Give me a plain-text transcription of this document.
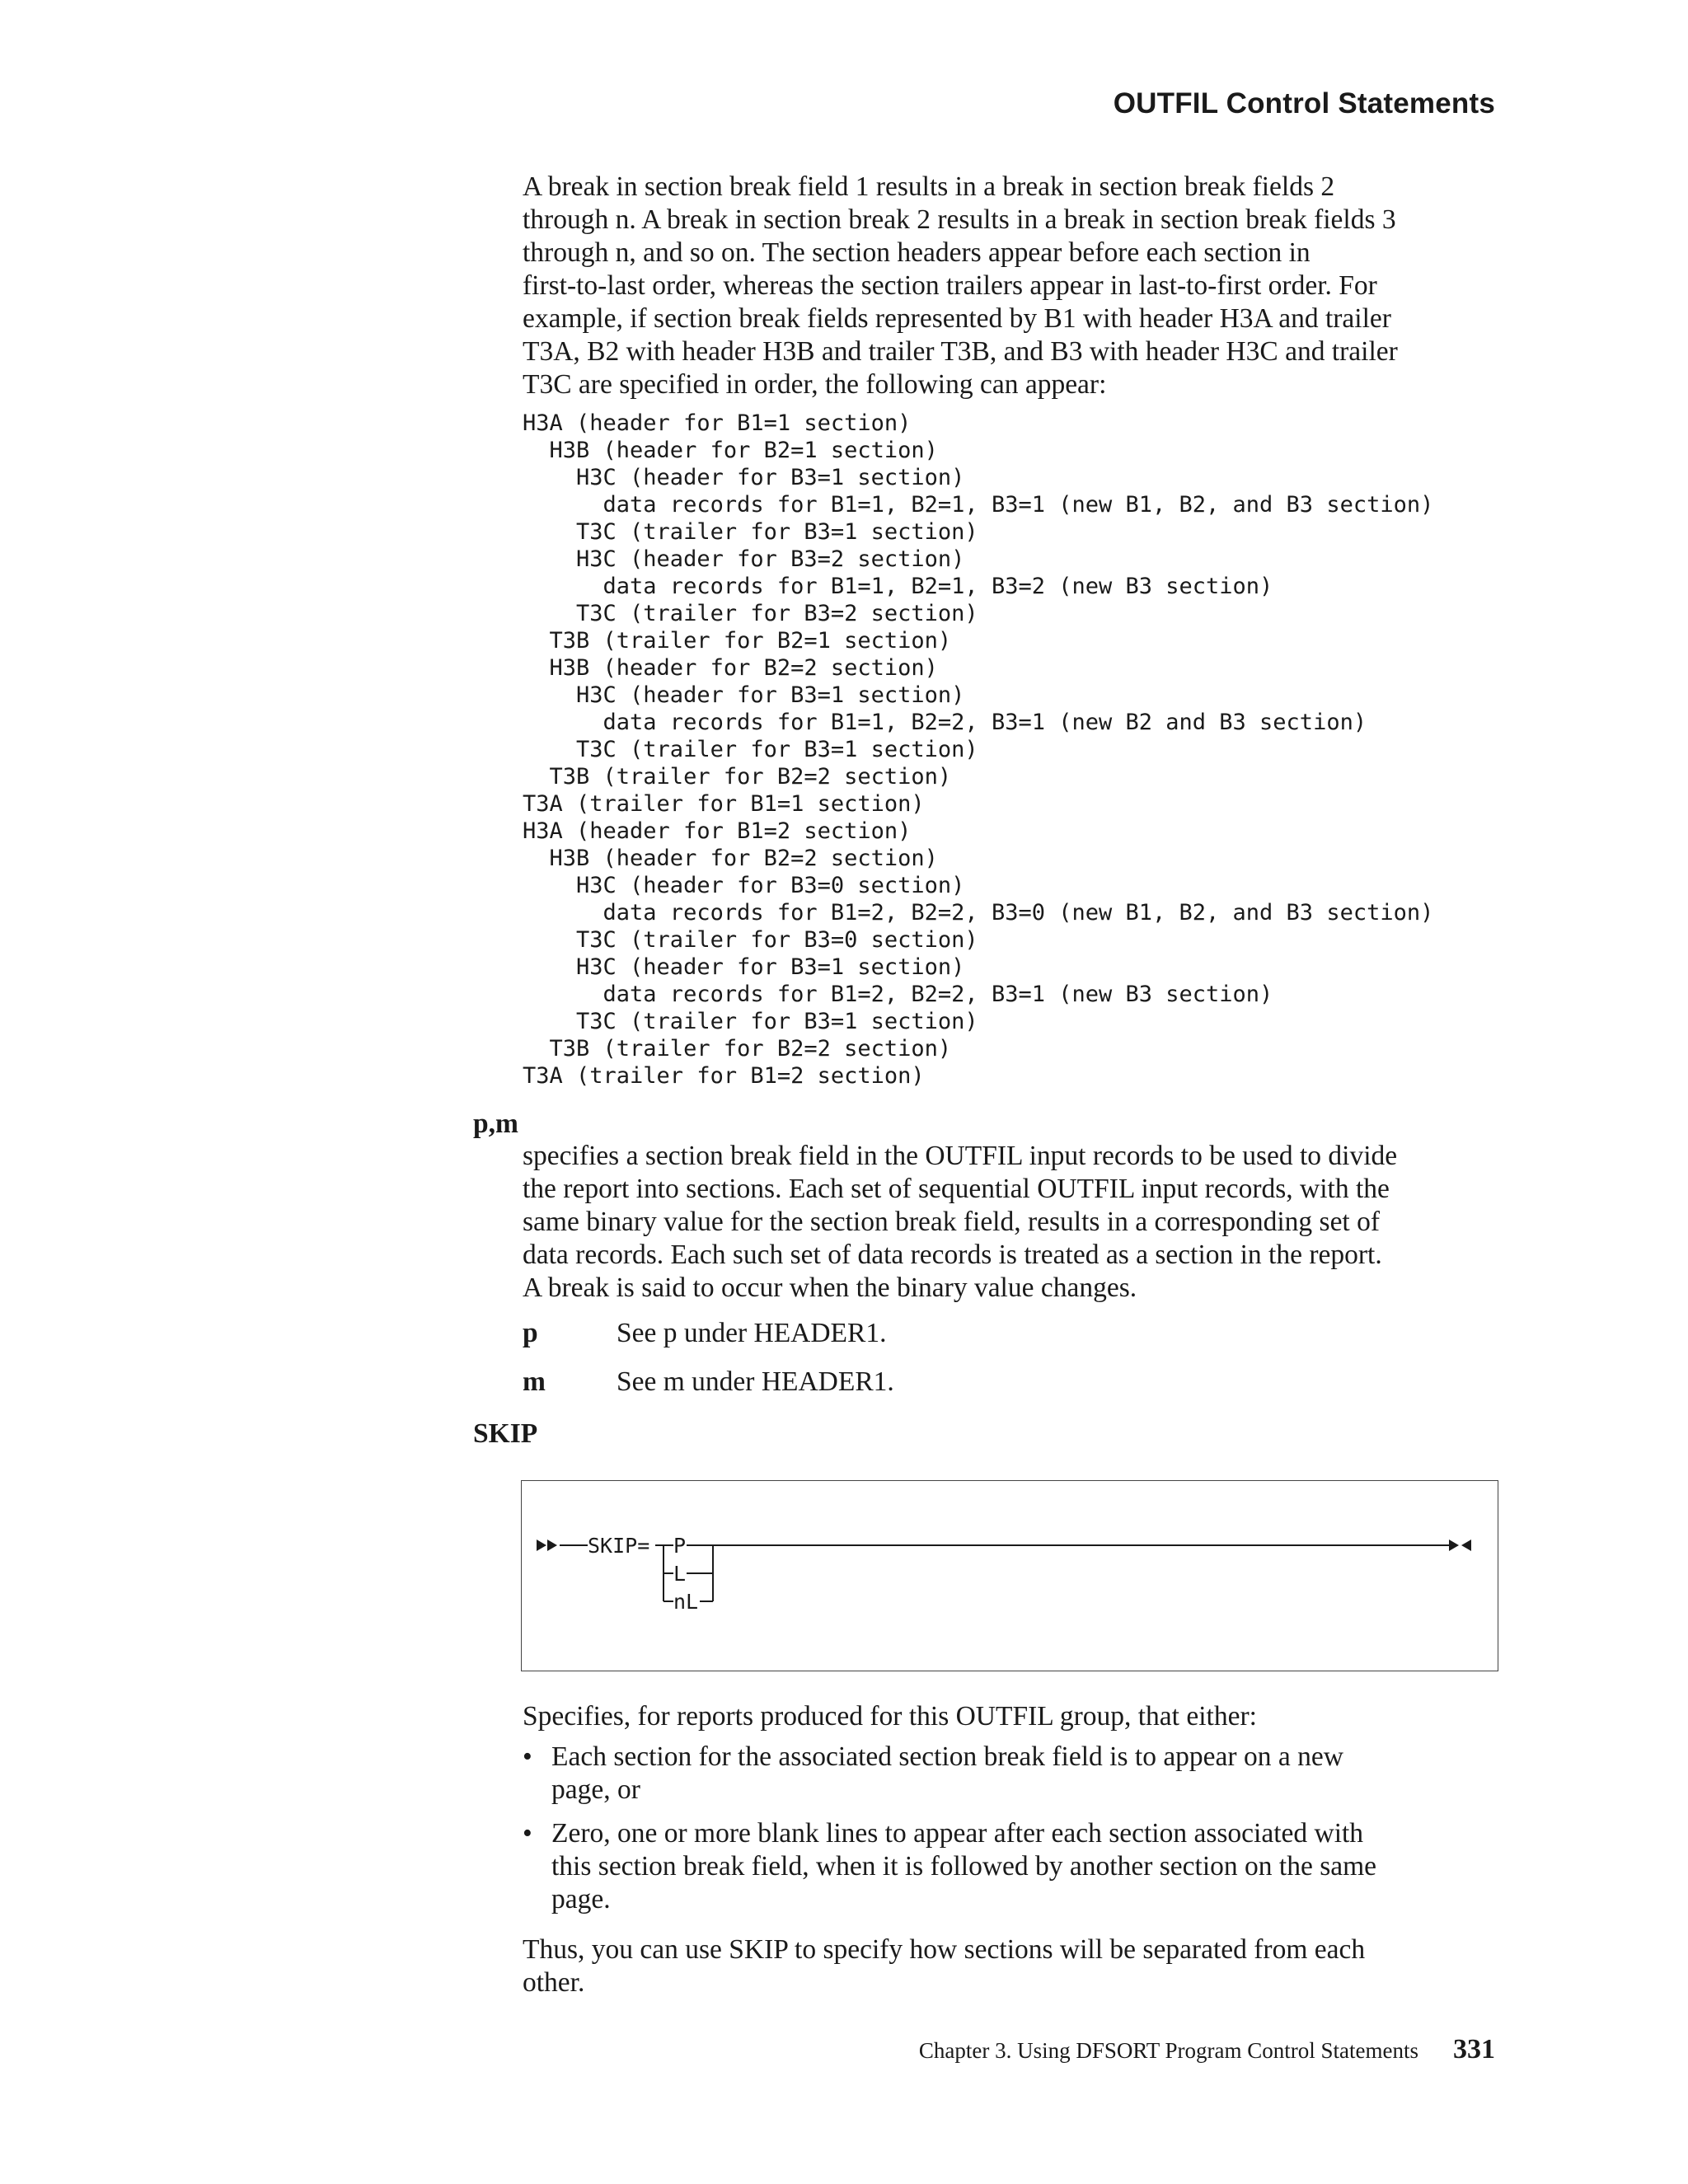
OUTFIL Control Statements

A break in section break field 1 results in a break in section break fields 2

through n. A break in section break 2 results in a break in section break fields 3

through n, and so on. The section headers appear before each section in

first-to-last order, whereas the section trailers appear in last-to-first order. For

example, if section break fields represented by B1 with header H3A and trailer

T3A, B2 with header H3B and trailer T3B, and B3 with header H3C and trailer

T3C are specified in order, the following can appear:

H3A (header for B1=1 section)
H3B (header for B2=1 section)
H3C (header for B3=1 section)
data records for B1=1, B2=1, B3=1 (new B1, B2, and B3 section)
T3C (trailer for B3=1 section)
H3C (header for B3=2 section)
data records for B1=1, B2=1, B3=2 (new B3 section)
T3C (trailer for B3=2 section)
T3B (trailer for B2=1 section)
H3B (header for B2=2 section)
H3C (header for B3=1 section)
data records for B1=1, B2=2, B3=1 (new B2 and B3 section)
T3C (trailer for B3=1 section)
T3B (trailer for B2=2 section)
T3A (trailer for B1=1 section)
H3A (header for B1=2 section)
H3B (header for B2=2 section)
H3C (header for B3=0 section)
data records for B1=2, B2=2, B3=0 (new B1, B2, and B3 section)
T3C (trailer for B3=0 section)
H3C (header for B3=1 section)
data records for B1=2, B2=2, B3=1 (new B3 section)
T3C (trailer for B3=1 section)
T3B (trailer for B2=2 section)
T3A (trailer for B1=2 section)
p,m

specifies a section break field in the OUTFIL input records to be used to divide

the report into sections. Each set of sequential OUTFIL input records, with the

same binary value for the section break field, results in a corresponding set of

data records. Each such set of data records is treated as a section in the report.

A break is said to occur when the binary value changes.

p	See p under HEADER1.
m	See m under HEADER1.
SKIP
SKIP= P
L
nL

Specifies, for reports produced for this OUTFIL group, that either:

• Each section for the associated section break field is to appear on a new
page, or
• Zero, one or more blank lines to appear after each section associated with
this section break field, when it is followed by another section on the same
page.
Thus, you can use SKIP to specify how sections will be separated from each
other.
Chapter 3. Using DFSORT Program Control Statements 331
